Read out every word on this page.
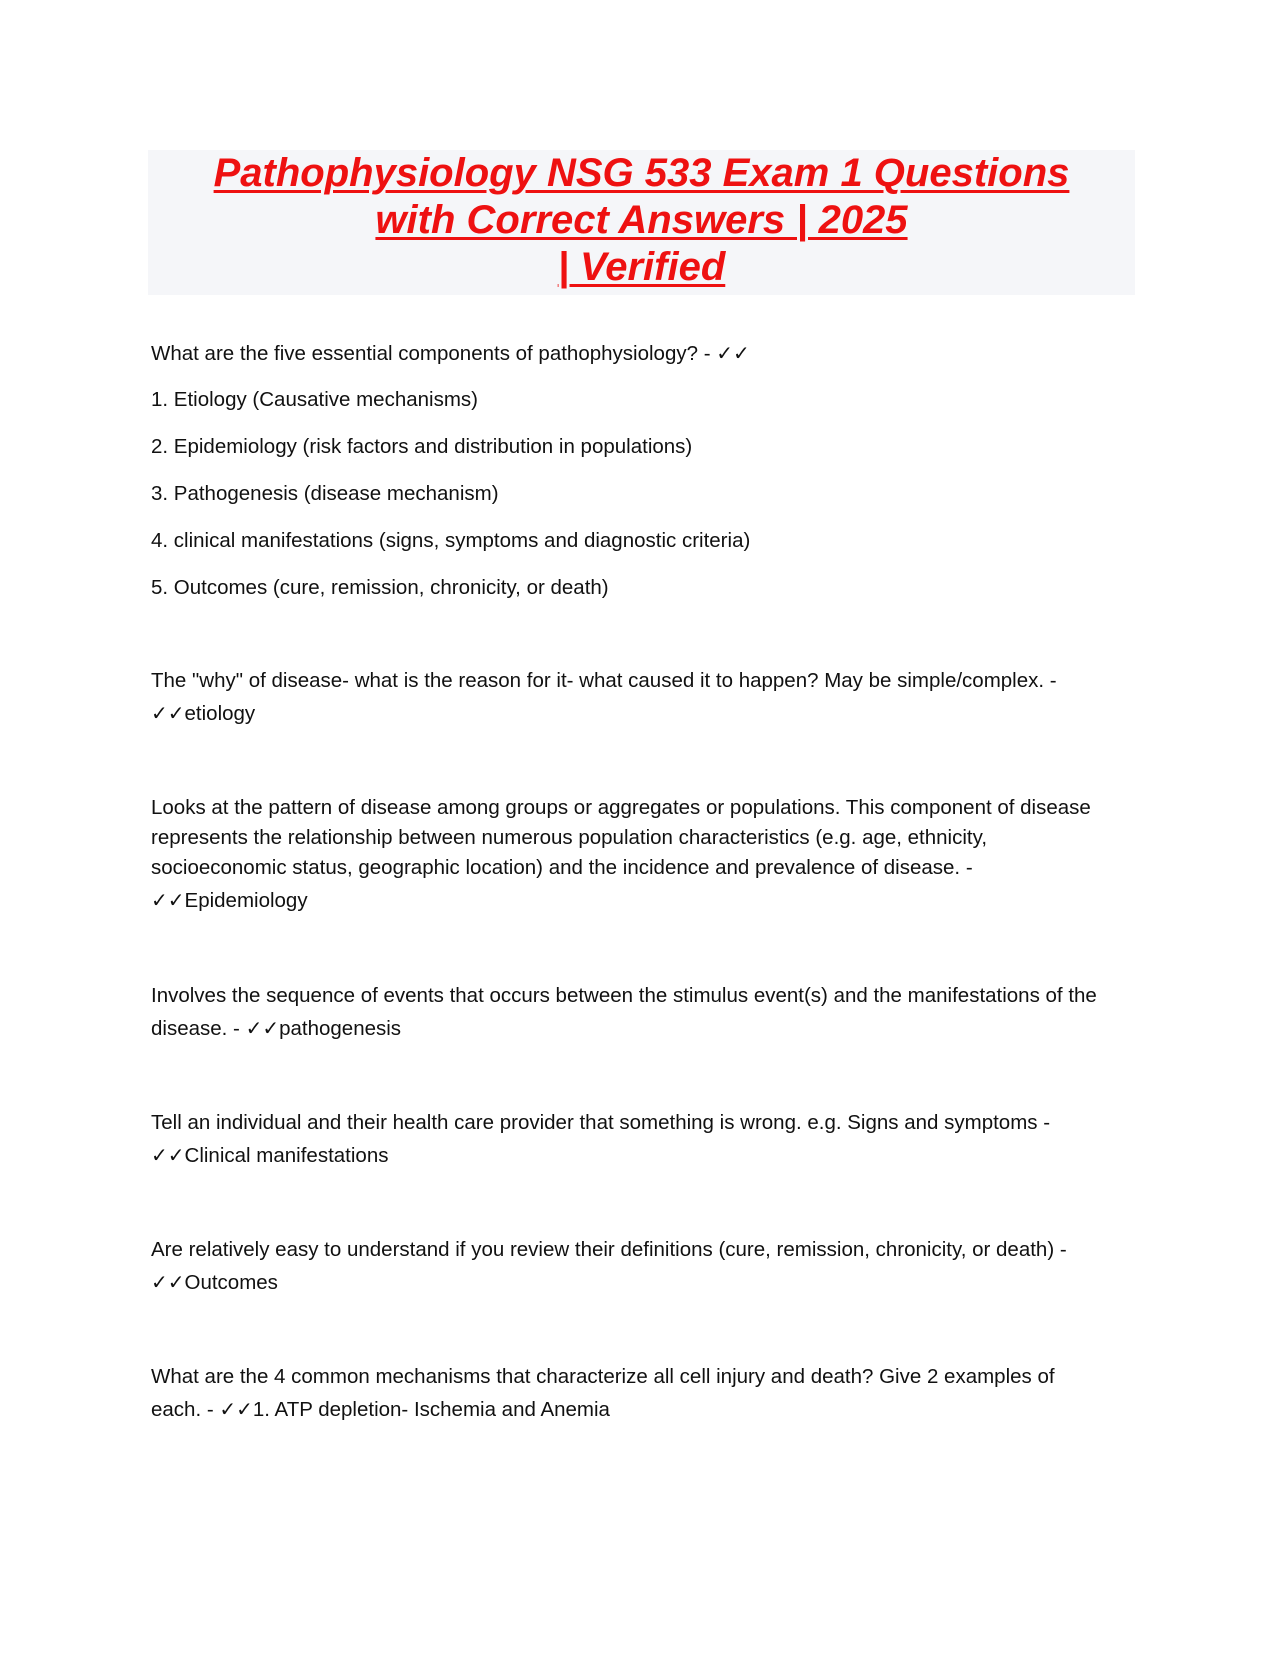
Pathophysiology NSG 533 Exam 1 Questions
with Correct Answers | 2025
| Verified
What are the five essential components of pathophysiology? - ✓✓
1. Etiology (Causative mechanisms)
2. Epidemiology (risk factors and distribution in populations)
3. Pathogenesis (disease mechanism)
4. clinical manifestations (signs, symptoms and diagnostic criteria)
5. Outcomes (cure, remission, chronicity, or death)
The "why" of disease- what is the reason for it- what caused it to happen? May be simple/complex. -
✓✓etiology
Looks at the pattern of disease among groups or aggregates or populations. This component of disease
represents the relationship between numerous population characteristics (e.g. age, ethnicity,
socioeconomic status, geographic location) and the incidence and prevalence of disease. -
✓✓Epidemiology
Involves the sequence of events that occurs between the stimulus event(s) and the manifestations of the
disease. - ✓✓pathogenesis
Tell an individual and their health care provider that something is wrong. e.g. Signs and symptoms -
✓✓Clinical manifestations
Are relatively easy to understand if you review their definitions (cure, remission, chronicity, or death) -
✓✓Outcomes
What are the 4 common mechanisms that characterize all cell injury and death? Give 2 examples of
each. - ✓✓1. ATP depletion- Ischemia and Anemia
